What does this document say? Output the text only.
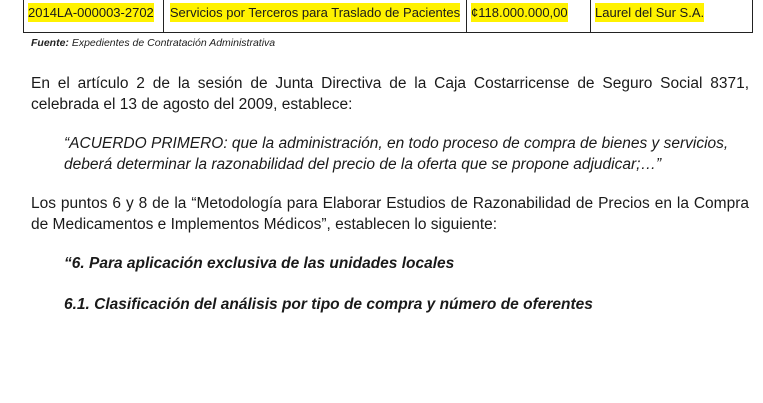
2014LA-000003-2702	Servicios por Terceros para Traslado de Pacientes ¢118.000.000,00	Laurel del Sur S.A.
Fuente: Expedientes de Contratación Administrativa
En el artículo 2 de la sesión de Junta Directiva de la Caja Costarricense de Seguro Social 8371, celebrada el 13 de agosto del 2009, establece:
“ACUERDO PRIMERO: que la administración, en todo proceso de compra de bienes y servicios, deberá determinar la razonabilidad del precio de la oferta que se propone adjudicar;…”
Los puntos 6 y 8 de la “Metodología para Elaborar Estudios de Razonabilidad de Precios en la Compra de Medicamentos e Implementos Médicos”, establecen lo siguiente:
“6. Para aplicación exclusiva de las unidades locales
6.1. Clasificación del análisis por tipo de compra y número de oferentes
